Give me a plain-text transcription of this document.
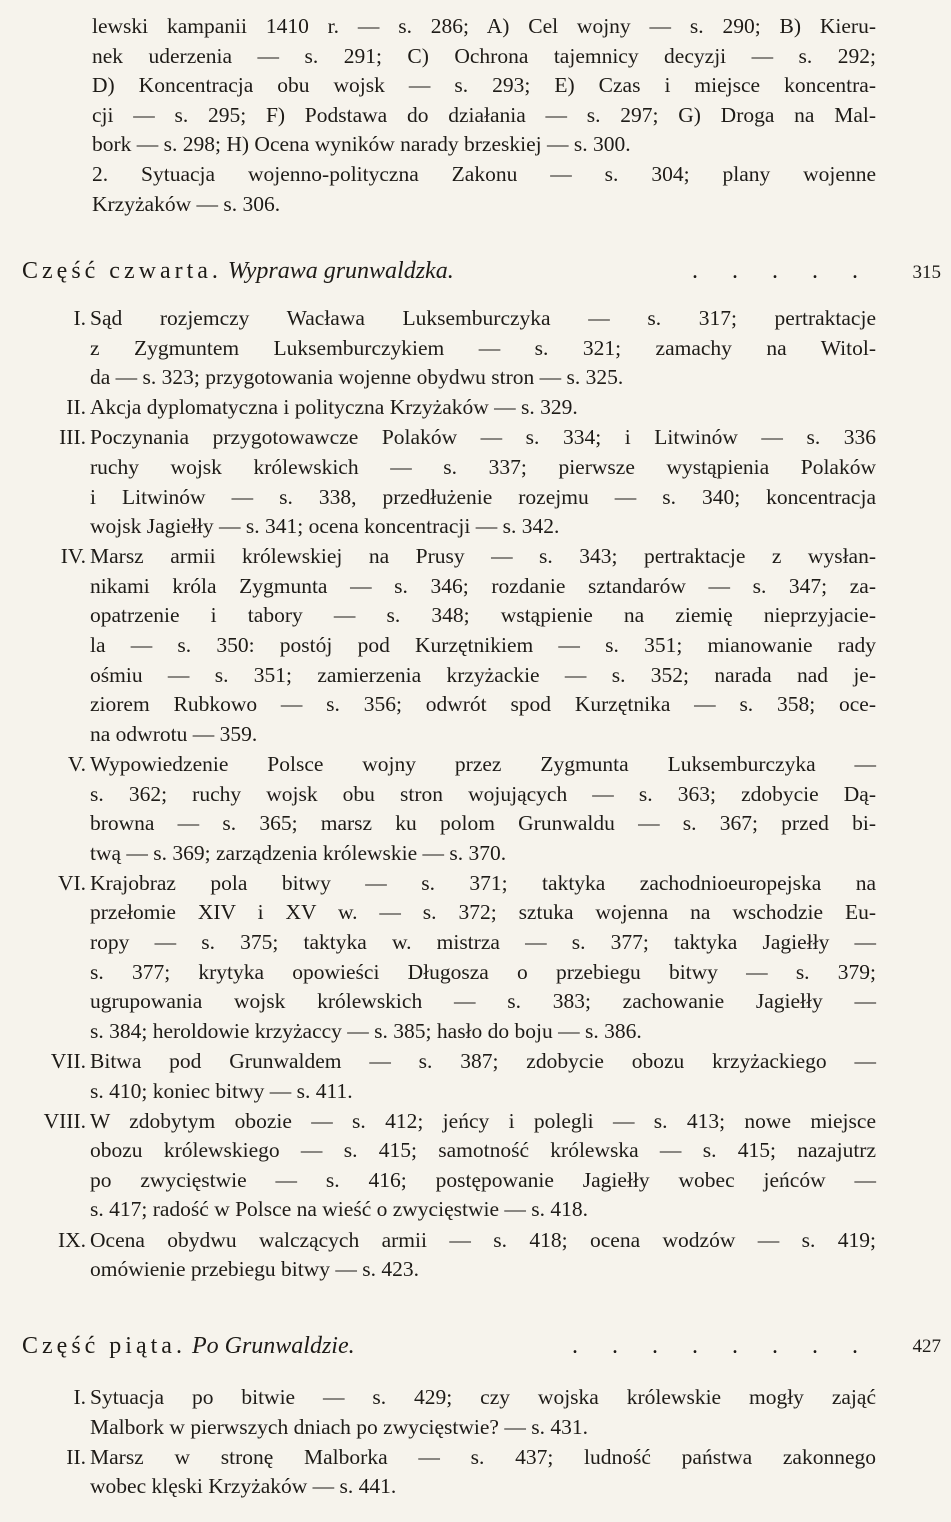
lewski kampanii 1410 r. — s. 286; A) Cel wojny — s. 290; B) Kieru-
nek uderzenia — s. 291; C) Ochrona tajemnicy decyzji — s. 292;
D) Koncentracja obu wojsk — s. 293; E) Czas i miejsce koncentra-
cji — s. 295; F) Podstawa do działania — s. 297; G) Droga na Mal-
bork — s. 298; H) Ocena wyników narady brzeskiej — s. 300.
2. Sytuacja wojenno-polityczna Zakonu — s. 304; plany wojenne
Krzyżaków — s. 306.
Część czwarta. Wyprawa grunwaldzka.	. . . . . 315
I. Sąd rozjemczy Wacława Luksemburczyka — s. 317; pertraktacje
z Zygmuntem Luksemburczykiem — s. 321; zamachy na Witol-
da — s. 323; przygotowania wojenne obydwu stron — s. 325.
II. Akcja dyplomatyczna i polityczna Krzyżaków — s. 329.
III. Poczynania przygotowawcze Polaków — s. 334; i Litwinów — s. 336
ruchy wojsk królewskich — s. 337; pierwsze wystąpienia Polaków
i Litwinów — s. 338, przedłużenie rozejmu — s. 340; koncentracja
wojsk Jagiełły — s. 341; ocena koncentracji — s. 342.
IV. Marsz armii królewskiej na Prusy — s. 343; pertraktacje z wysłan-
nikami króla Zygmunta — s. 346; rozdanie sztandarów — s. 347; za-
opatrzenie i tabory — s. 348; wstąpienie na ziemię nieprzyjacie-
la — s. 350: postój pod Kurzętnikiem — s. 351; mianowanie rady
ośmiu — s. 351; zamierzenia krzyżackie — s. 352; narada nad je-
ziorem Rubkowo — s. 356; odwrót spod Kurzętnika — s. 358; oce-
na odwrotu — 359.
V. Wypowiedzenie Polsce wojny przez Zygmunta Luksemburczyka —
s. 362; ruchy wojsk obu stron wojujących — s. 363; zdobycie Dą-
browna — s. 365; marsz ku polom Grunwaldu — s. 367; przed bi-
twą — s. 369; zarządzenia królewskie — s. 370.
VI. Krajobraz pola bitwy — s. 371; taktyka zachodnioeuropejska na
przełomie XIV i XV w. — s. 372; sztuka wojenna na wschodzie Eu-
ropy — s. 375; taktyka w. mistrza — s. 377; taktyka Jagiełły —
s. 377; krytyka opowieści Długosza o przebiegu bitwy — s. 379;
ugrupowania wojsk królewskich — s. 383; zachowanie Jagiełły —
s. 384; heroldowie krzyżaccy — s. 385; hasło do boju — s. 386.
VII. Bitwa pod Grunwaldem — s. 387; zdobycie obozu krzyżackiego —
s. 410; koniec bitwy — s. 411.
VIII. W zdobytym obozie — s. 412; jeńcy i polegli — s. 413; nowe miejsce
obozu królewskiego — s. 415; samotność królewska — s. 415; nazajutrz
po zwycięstwie — s. 416; postępowanie Jagiełły wobec jeńców —
s. 417; radość w Polsce na wieść o zwycięstwie — s. 418.
IX. Ocena obydwu walczących armii — s. 418; ocena wodzów — s. 419;
omówienie przebiegu bitwy — s. 423.
Część piąta. Po Grunwaldzie.	. . . . . . . . 427
I. Sytuacja po bitwie — s. 429; czy wojska królewskie mogły zająć
Malbork w pierwszych dniach po zwycięstwie? — s. 431.
II. Marsz w stronę Malborka — s. 437; ludność państwa zakonnego
wobec klęski Krzyżaków — s. 441.
